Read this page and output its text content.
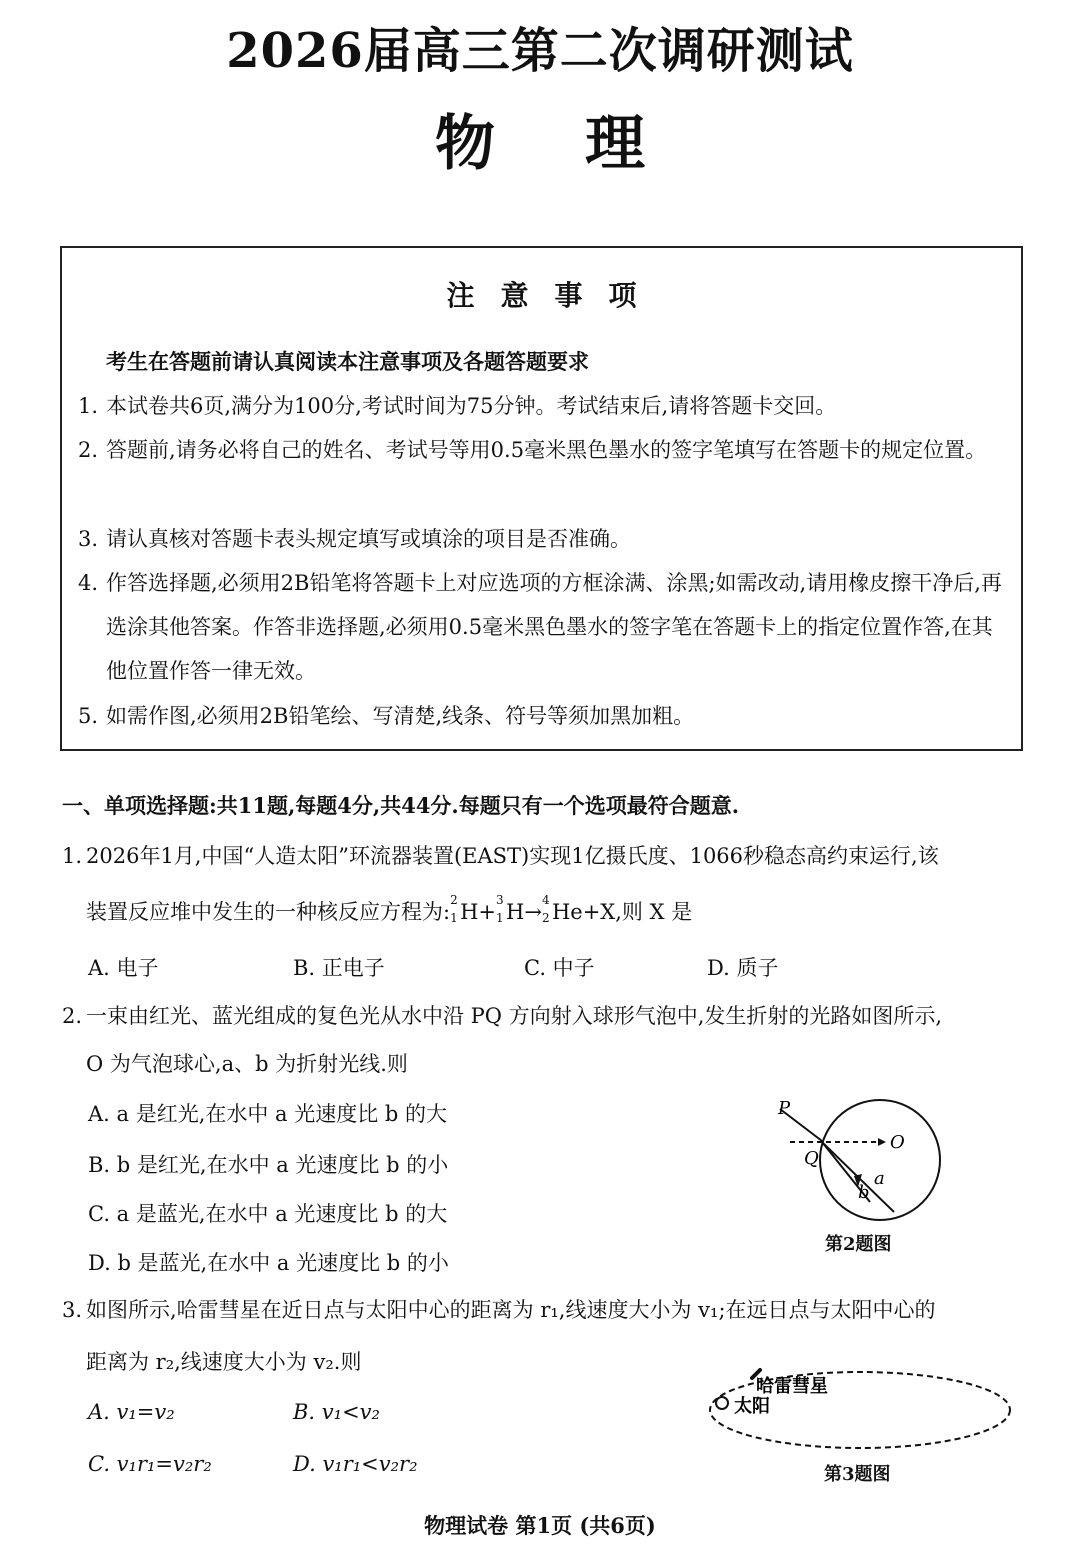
2026届高三第二次调研测试
物理
注意事项
考生在答题前请认真阅读本注意事项及各题答题要求
1. 本试卷共6页,满分为100分,考试时间为75分钟。考试结束后,请将答题卡交回。
2. 答题前,请务必将自己的姓名、考试号等用0.5毫米黑色墨水的签字笔填写在答题卡的规定位置。
3. 请认真核对答题卡表头规定填写或填涂的项目是否准确。
4. 作答选择题,必须用2B铅笔将答题卡上对应选项的方框涂满、涂黑;如需改动,请用橡皮擦干净后,再选涂其他答案。作答非选择题,必须用0.5毫米黑色墨水的签字笔在答题卡上的指定位置作答,在其他位置作答一律无效。
5. 如需作图,必须用2B铅笔绘、写清楚,线条、符号等须加黑加粗。
一、单项选择题:共11题,每题4分,共44分.每题只有一个选项最符合题意.
1. 2026年1月,中国“人造太阳”环流器装置(EAST)实现1亿摄氏度、1066秒稳态高约束运行,该
装置反应堆中发生的一种核反应方程为: 2
1 H+ 3
1 H→ 4
2 He+X,则 X 是
A. 电子	B. 正电子	C. 中子	D. 质子
2. 一束由红光、蓝光组成的复色光从水中沿 PQ 方向射入球形气泡中,发生折射的光路如图所示,
O 为气泡球心,a、b 为折射光线.则
A. a 是红光,在水中 a 光速度比 b 的大
B. b 是红光,在水中 a 光速度比 b 的小
C. a 是蓝光,在水中 a 光速度比 b 的大
D. b 是蓝光,在水中 a 光速度比 b 的小
P
Q
O
a
b
第2题图
3. 如图所示,哈雷彗星在近日点与太阳中心的距离为 r₁,线速度大小为 v₁;在远日点与太阳中心的
距离为 r₂,线速度大小为 v₂.则
A. v₁=v₂	B. v₁<v₂
C. v₁r₁=v₂r₂	D. v₁r₁<v₂r₂
哈雷彗星
太阳
第3题图
物理试卷 第1页 (共6页)
